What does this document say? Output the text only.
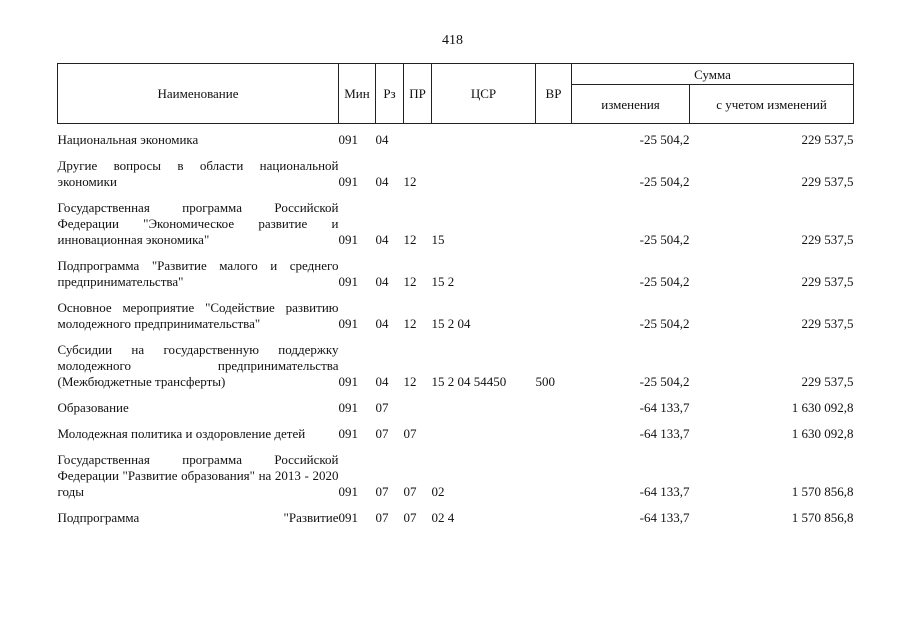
418
Наименование	Мин	Рз	ПР	ЦСР	ВР	Сумма	
						изменения	с учетом изменений

Национальная экономика	091	04				-25 504,2	229 537,5

Другие вопросы в области национальной экономики	091	04	12			-25 504,2	229 537,5

Государственная программа Российской Федерации "Экономическое развитие и инновационная экономика"	091	04	12	15		-25 504,2	229 537,5

Подпрограмма "Развитие малого и среднего предпринимательства"	091	04	12	15 2		-25 504,2	229 537,5

Основное мероприятие "Содействие развитию молодежного предпринимательства"	091	04	12	15 2 04		-25 504,2	229 537,5

Субсидии на государственную поддержку молодежного предпринимательства (Межбюджетные трансферты)	091	04	12	15 2 04 54450	500	-25 504,2	229 537,5

Образование	091	07				-64 133,7	1 630 092,8

Молодежная политика и оздоровление детей	091	07	07			-64 133,7	1 630 092,8

Государственная программа Российской Федерации "Развитие образования" на 2013 - 2020 годы	091	07	07	02		-64 133,7	1 570 856,8

Подпрограмма "Развитие	091	07	07	02 4		-64 133,7	1 570 856,8
